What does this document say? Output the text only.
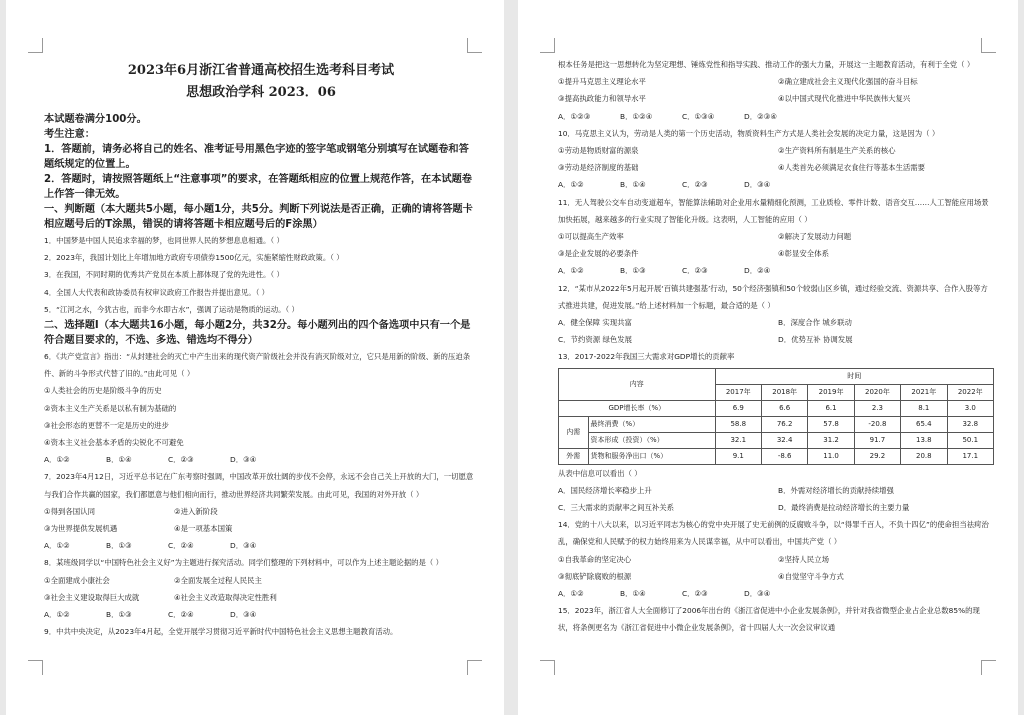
2023年6月浙江省普通高校招生选考科目考试

思想政治学科 2023．06

本试题卷满分100分。

考生注意：

1．答题前，请务必将自己的姓名、准考证号用黑色字迹的签字笔或钢笔分别填写在试题卷和答题纸规定的位置上。

2．答题时，请按照答题纸上“注意事项”的要求，在答题纸相应的位置上规范作答，在本试题卷上作答一律无效。

一、判断题（本大题共5小题，每小题1分，共5分。判断下列说法是否正确，正确的请将答题卡相应题号后的T涂黑，错误的请将答题卡相应题号后的F涂黑）

1．中国梦是中国人民追求幸福的梦，也同世界人民的梦想息息相通。（ ）

2．2023年，我国计划比上年增加地方政府专项债券1500亿元，实施紧缩性财政政策。（ ）

3．在我国，不同时期的优秀共产党员在本质上都体现了党的先进性。（ ）

4．全国人大代表和政协委员有权审议政府工作报告并提出意见。（ ）

5．“江河之水，今犹古也，而非今水即古水”，强调了运动是物质的运动。（ ）

二、选择题Ⅰ（本大题共16小题，每小题2分，共32分。每小题列出的四个备选项中只有一个是符合题目要求的，不选、多选、错选均不得分）

6．《共产党宣言》指出：“从封建社会的灭亡中产生出来的现代资产阶级社会并没有消灭阶级对立，它只是用新的阶级、新的压迫条件、新的斗争形式代替了旧的。”由此可见（ ）

①人类社会的历史是阶级斗争的历史

②资本主义生产关系是以私有制为基础的

③社会形态的更替不一定是历史的进步

④资本主义社会基本矛盾的尖锐化不可避免

A．①②	B．①④	C．②③	D．③④

7．2023年4月12日，习近平总书记在广东考察时强调，中国改革开放壮阔的步伐不会停，永远不会自己关上开放的大门，一切愿意与我们合作共赢的国家，我们都愿意与他们相向而行，推动世界经济共同繁荣发展。由此可见，我国的对外开放（ ）

①得到各国认同	②进入新阶段

③为世界提供发展机遇	④是一项基本国策

A．①②	B．①③	C．②④	D．③④

8．某班级同学以“中国特色社会主义好”为主题进行探究活动。同学们整理的下列材料中，可以作为上述主题论据的是（ ）

①全面建成小康社会	②全面发展全过程人民民主

③社会主义建设取得巨大成就	④社会主义改造取得决定性胜利

A．①②	B．①③	C．②④	D．③④

9．中共中央决定，从2023年4月起，全党开展学习贯彻习近平新时代中国特色社会主义思想主题教育活动。

根本任务是把这一思想转化为坚定理想、锤炼党性和指导实践、推动工作的强大力量，开展这一主题教育活动，有利于全党（ ）

①提升马克思主义理论水平	②确立建成社会主义现代化强国的奋斗目标

③提高执政能力和领导水平	④以中国式现代化推进中华民族伟大复兴

A．①②③	B．①②④	C．①③④	D．②③④

10．马克思主义认为，劳动是人类的第一个历史活动，物质资料生产方式是人类社会发展的决定力量，这是因为（ ）

①劳动是物质财富的源泉	②生产资料所有制是生产关系的核心

③劳动是经济制度的基础	④人类首先必须满足衣食住行等基本生活需要

A．①②	B．①④	C．②③	D．③④

11．无人驾驶公交车自动变道超车，智能算法辅助对企业用水量精细化预测，工业质检、零件计数、语音交互……人工智能应用场景加快拓展，越来越多的行业实现了智能化升级。这表明，人工智能的应用（ ）

①可以提高生产效率	②解决了发展动力问题

③是企业发展的必要条件	④彰显安全体系

A．①②	B．①③	C．②③	D．②④

12．“某市从2022年5月起开展‘百镇共建强基’行动，50个经济强镇和50个较弱山区乡镇，通过经验交流、资源共享、合作入股等方式推进共建，促进发展。”给上述材料加一个标题，最合适的是（ ）

A．健全保障 实现共富	B．深度合作 城乡联动

C．节约资源 绿色发展	D．优势互补 协调发展

13．2017-2022年我国三大需求对GDP增长的贡献率

内容		时间					
		2017年	2018年	2019年	2020年	2021年	2022年
GDP增长率（%）		6.9	6.6	6.1	2.3	8.1	3.0
内需	最终消费（%）	58.8	76.2	57.8	-20.8	65.4	32.8
	资本形成（投资）（%）	32.1	32.4	31.2	91.7	13.8	50.1
外需	货物和服务净出口（%）	9.1	-8.6	11.0	29.2	20.8	17.1

从表中信息可以看出（ ）

A．国民经济增长率稳步上升	B．外需对经济增长的贡献持续增强

C．三大需求的贡献率之间互补关系	D．最终消费是拉动经济增长的主要力量

14．党的十八大以来，以习近平同志为核心的党中央开展了史无前例的反腐败斗争，以“得罪千百人，不负十四亿”的使命担当祛疴治乱，确保党和人民赋予的权力始终用来为人民谋幸福，从中可以看出，中国共产党（ ）

①自我革命的坚定决心	②坚持人民立场

③彻底铲除腐败的根源	④自觉坚守斗争方式

A．①②	B．①④	C．②③	D．③④

15．2023年，浙江省人大全面修订了2006年出台的《浙江省促进中小企业发展条例》，并针对我省微型企业占企业总数85%的现状，将条例更名为《浙江省促进中小微企业发展条例》，省十四届人大一次会议审议通
